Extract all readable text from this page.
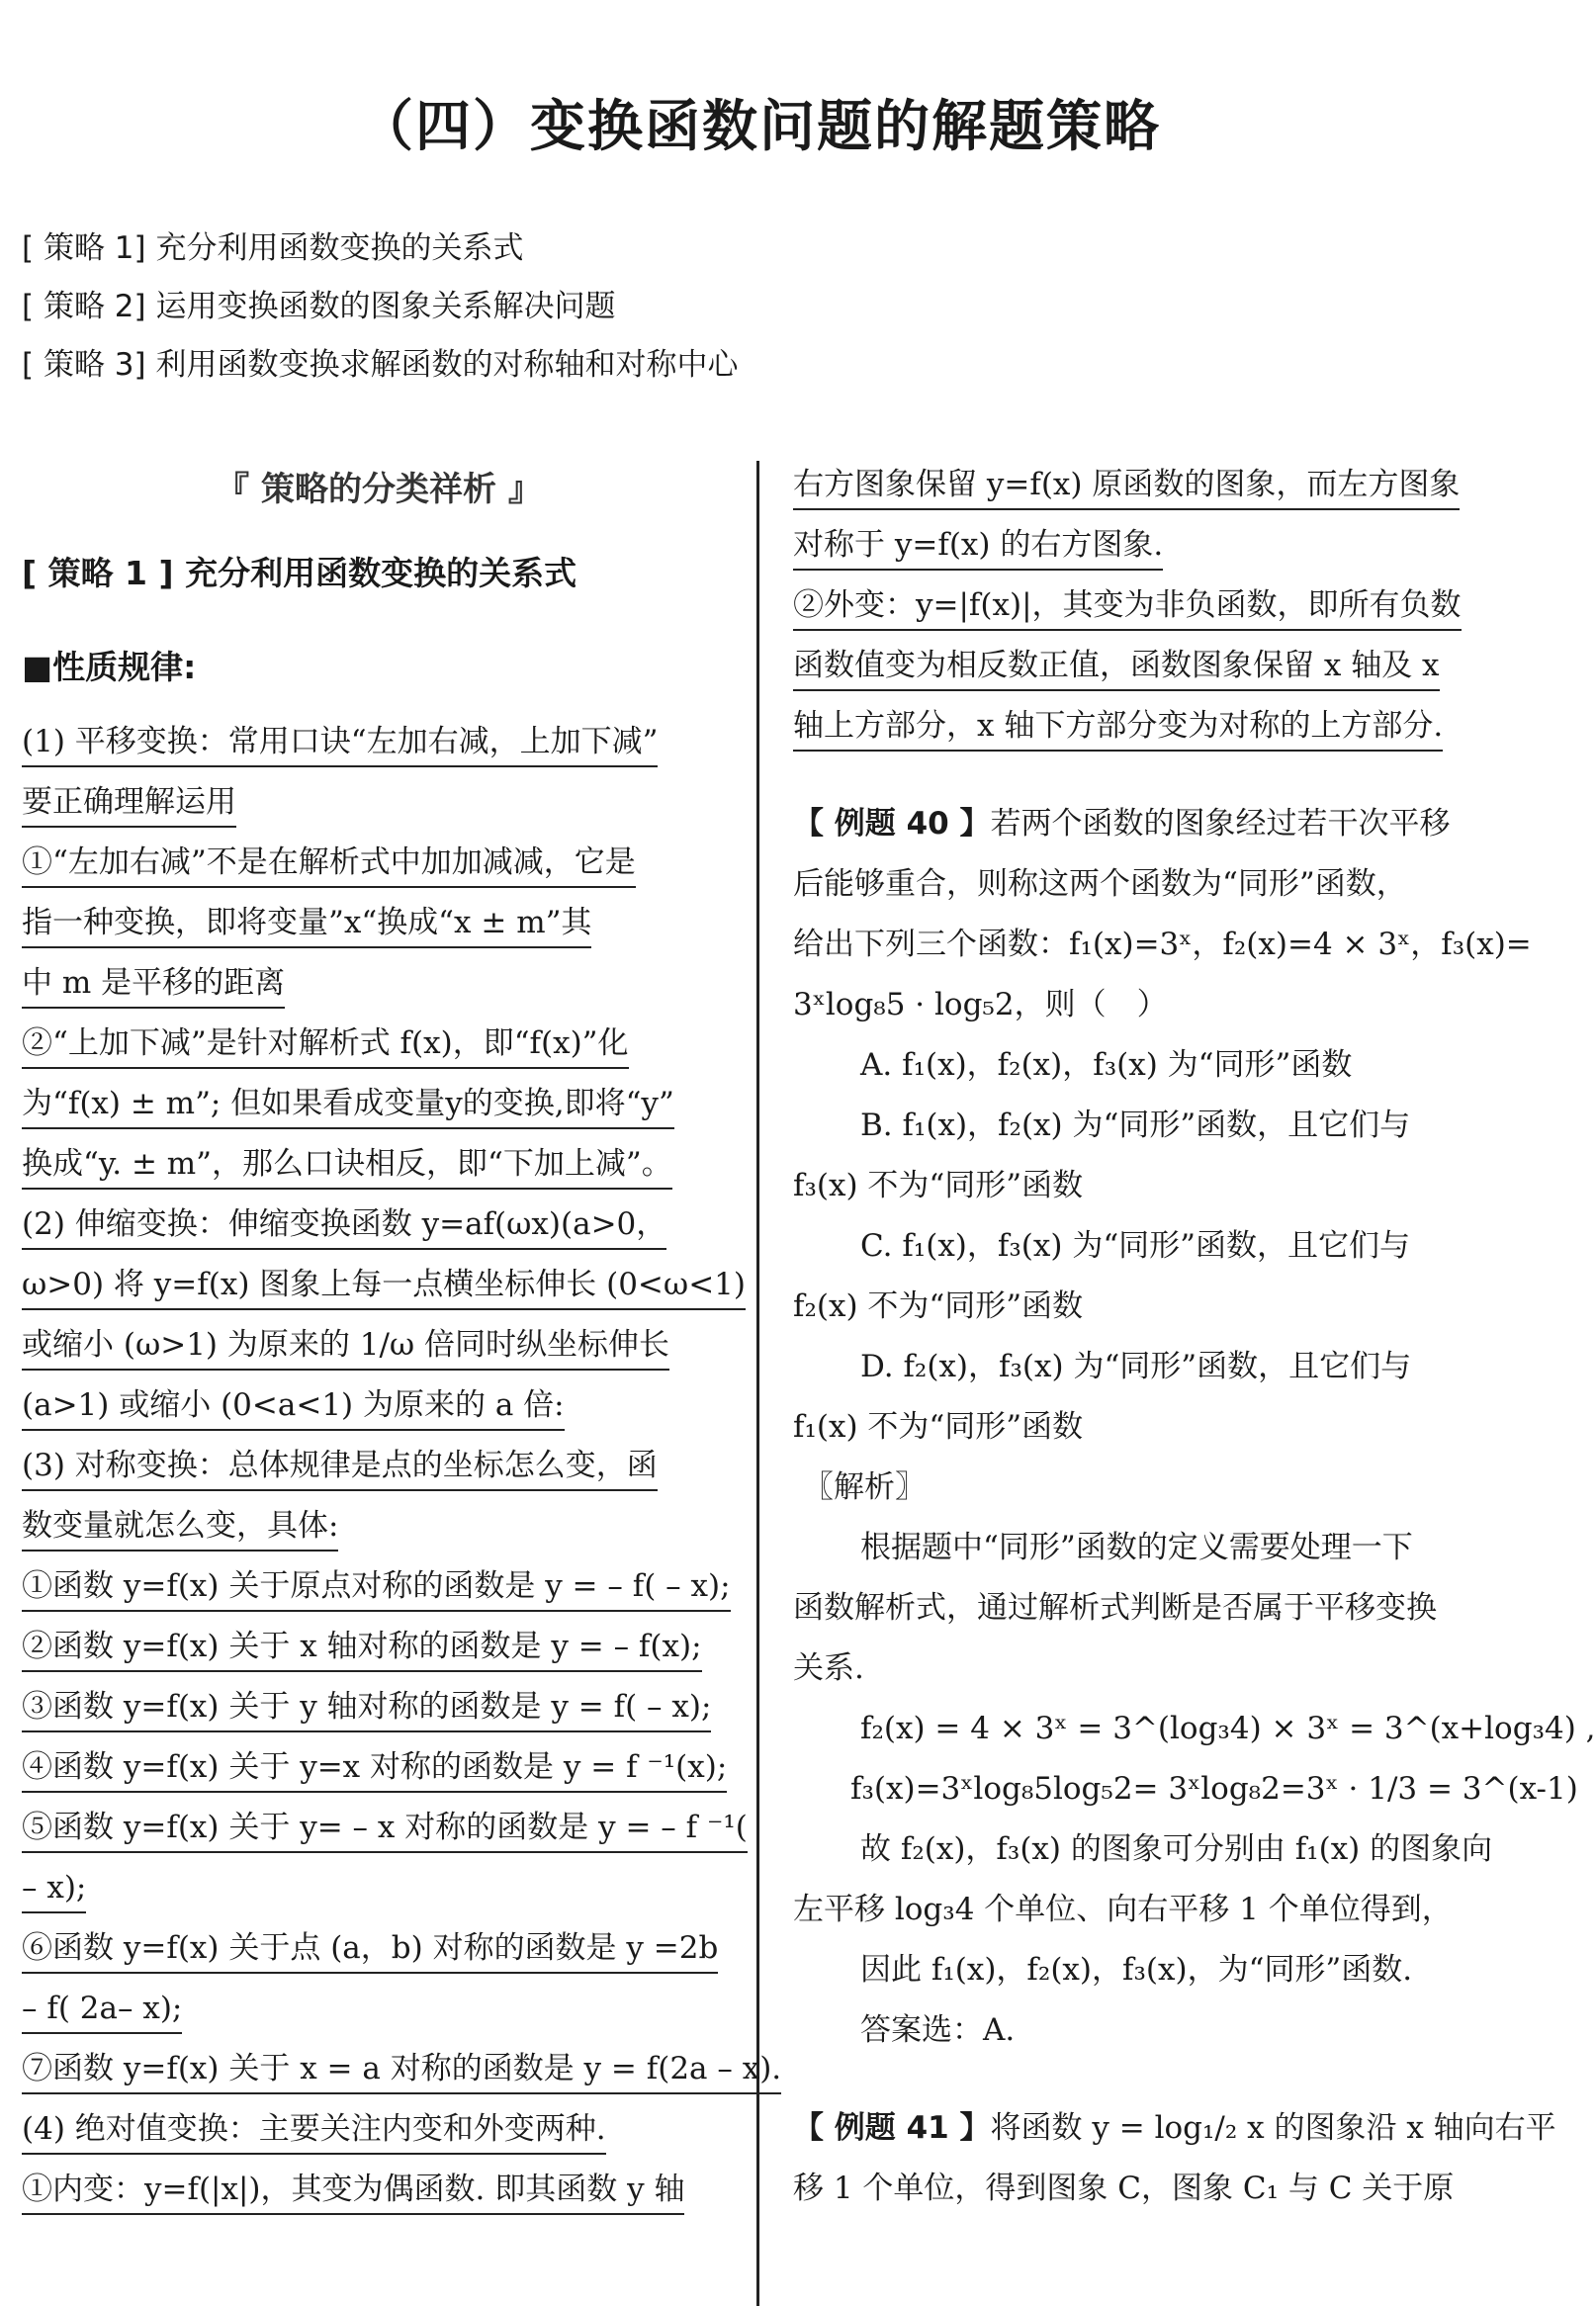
（四）变换函数问题的解题策略
[ 策略 1] 充分利用函数变换的关系式
[ 策略 2] 运用变换函数的图象关系解决问题
[ 策略 3] 利用函数变换求解函数的对称轴和对称中心
『 策略的分类祥析 』
[ 策略 1 ] 充分利用函数变换的关系式
■性质规律:
(1) 平移变换：常用口诀“左加右减，上加下减”
要正确理解运用
①“左加右减”不是在解析式中加加减减，它是
指一种变换，即将变量”x“换成“x ± m”其
中 m 是平移的距离
②“上加下减”是针对解析式 f(x)，即“f(x)”化
为“f(x) ± m”; 但如果看成变量y的变换,即将“y”
换成“y. ± m”，那么口诀相反，即“下加上减”。
(2) 伸缩变换：伸缩变换函数 y=af(ωx)(a>0，
ω>0) 将 y=f(x) 图象上每一点横坐标伸长 (0<ω<1)
或缩小 (ω>1) 为原来的 1/ω 倍同时纵坐标伸长
(a>1) 或缩小 (0<a<1) 为原来的 a 倍:
(3) 对称变换：总体规律是点的坐标怎么变，函
数变量就怎么变，具体:
①函数 y=f(x) 关于原点对称的函数是 y = – f( – x);
②函数 y=f(x) 关于 x 轴对称的函数是 y = – f(x);
③函数 y=f(x) 关于 y 轴对称的函数是 y = f( – x);
④函数 y=f(x) 关于 y=x 对称的函数是 y = f ⁻¹(x);
⑤函数 y=f(x) 关于 y= – x 对称的函数是 y = – f ⁻¹(
– x);
⑥函数 y=f(x) 关于点 (a，b) 对称的函数是 y =2b
– f( 2a– x);
⑦函数 y=f(x) 关于 x = a 对称的函数是 y = f(2a – x).
(4) 绝对值变换：主要关注内变和外变两种.
①内变：y=f(|x|)，其变为偶函数. 即其函数 y 轴
右方图象保留 y=f(x) 原函数的图象，而左方图象
对称于 y=f(x) 的右方图象.
②外变：y=|f(x)|，其变为非负函数，即所有负数
函数值变为相反数正值，函数图象保留 x 轴及 x
轴上方部分，x 轴下方部分变为对称的上方部分.
【 例题 40 】若两个函数的图象经过若干次平移
后能够重合，则称这两个函数为“同形”函数，
给出下列三个函数：f₁(x)=3ˣ，f₂(x)=4 × 3ˣ，f₃(x)=
3ˣlog₈5 · log₅2，则（　）
A. f₁(x)，f₂(x)，f₃(x) 为“同形”函数
B. f₁(x)，f₂(x) 为“同形”函数，且它们与
f₃(x) 不为“同形”函数
C. f₁(x)，f₃(x) 为“同形”函数，且它们与
f₂(x) 不为“同形”函数
D. f₂(x)，f₃(x) 为“同形”函数，且它们与
f₁(x) 不为“同形”函数
〖解析〗
根据题中“同形”函数的定义需要处理一下
函数解析式，通过解析式判断是否属于平移变换
关系.
f₂(x) = 4 × 3ˣ = 3^(log₃4) × 3ˣ = 3^(x+log₃4) ,
f₃(x)=3ˣlog₈5log₅2= 3ˣlog₈2=3ˣ · 1/3 = 3^(x-1)
故 f₂(x)，f₃(x) 的图象可分别由 f₁(x) 的图象向
左平移 log₃4 个单位、向右平移 1 个单位得到，
因此 f₁(x)，f₂(x)，f₃(x)，为“同形”函数.
答案选：A.
【 例题 41 】将函数 y = log₁/₂ x 的图象沿 x 轴向右平
移 1 个单位，得到图象 C，图象 C₁ 与 C 关于原
